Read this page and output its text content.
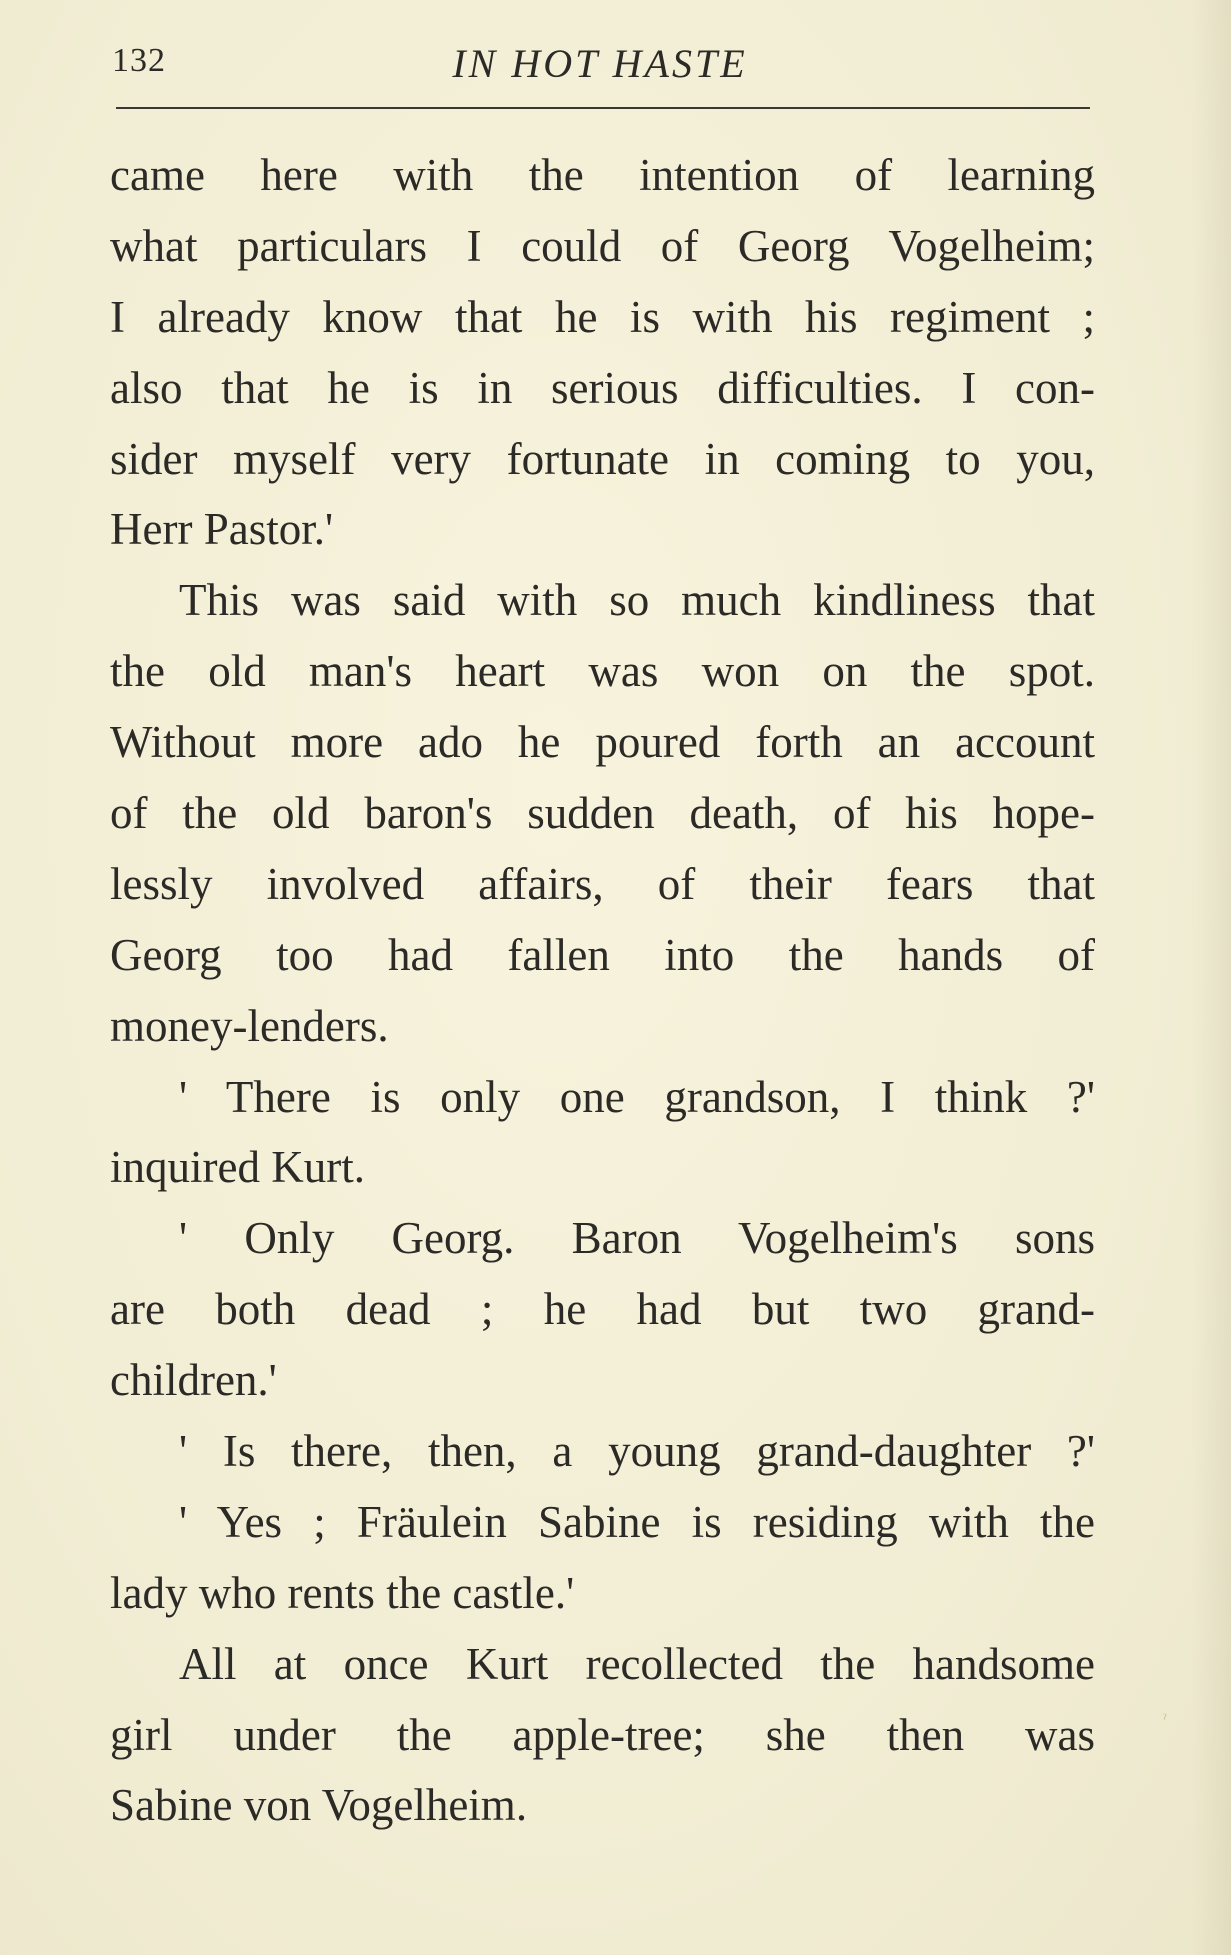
132	IN HOT HASTE
came here with the intention of learning
what particulars I could of Georg Vogelheim;
I already know that he is with his regiment ;
also that he is in serious difficulties. I con-
sider myself very fortunate in coming to you,
Herr Pastor.'
This was said with so much kindliness that
the old man's heart was won on the spot.
Without more ado he poured forth an account
of the old baron's sudden death, of his hope-
lessly involved affairs, of their fears that
Georg too had fallen into the hands of
money-lenders.
' There is only one grandson, I think ?'
inquired Kurt.
' Only Georg. Baron Vogelheim's sons
are both dead ; he had but two grand-
children.'
' Is there, then, a young grand-daughter ?'
' Yes ; Fräulein Sabine is residing with the
lady who rents the castle.'
All at once Kurt recollected the handsome
girl under the apple-tree; she then was
Sabine von Vogelheim.
ˀ
